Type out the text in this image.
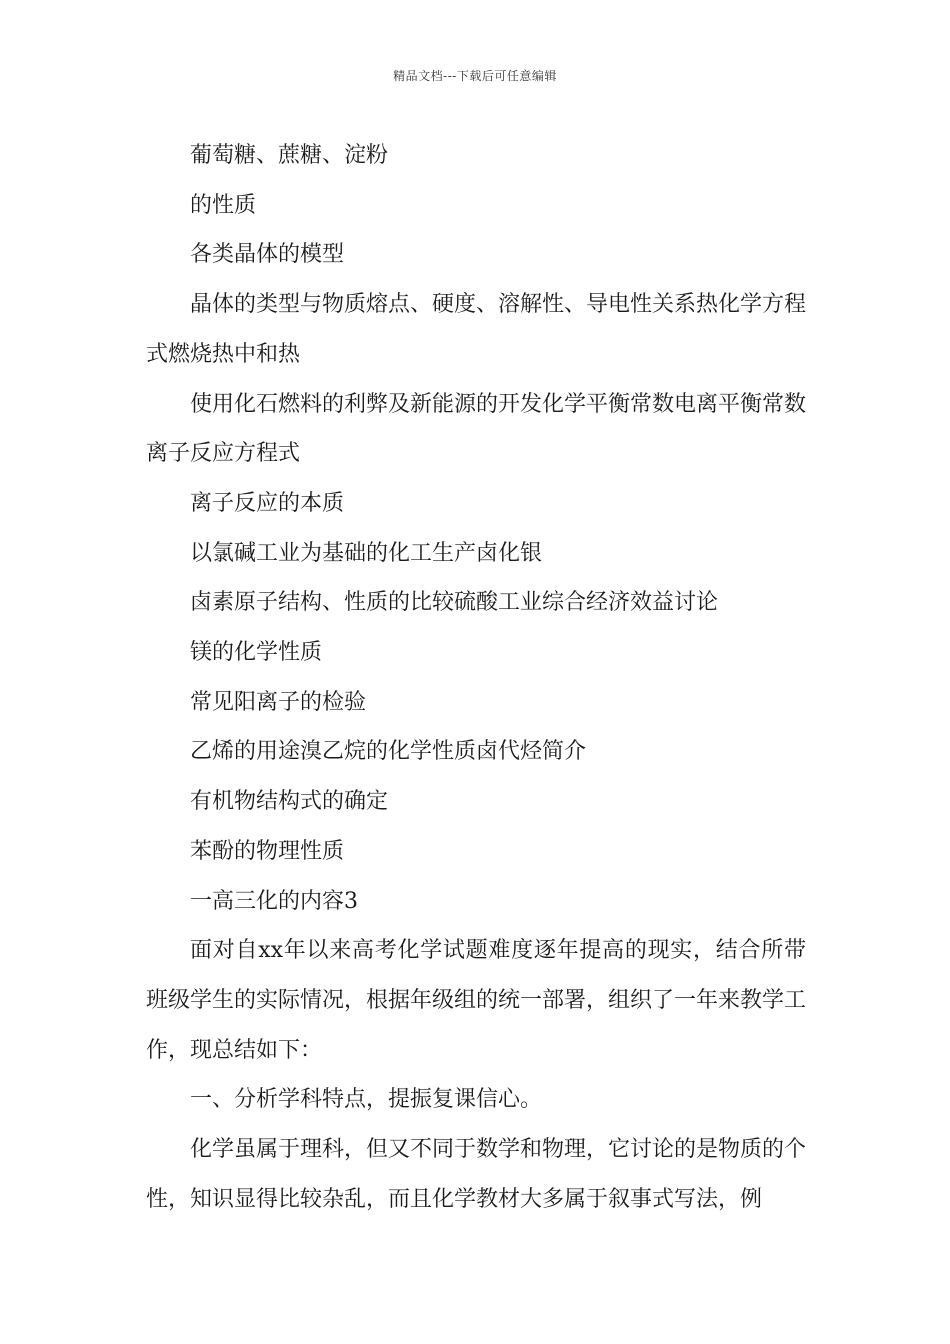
精品文档---下载后可任意编辑

葡萄糖、蔗糖、淀粉

的性质

各类晶体的模型

晶体的类型与物质熔点、硬度、溶解性、导电性关系热化学方程式燃烧热中和热

使用化石燃料的利弊及新能源的开发化学平衡常数电离平衡常数离子反应方程式

离子反应的本质

以氯碱工业为基础的化工生产卤化银

卤素原子结构、性质的比较硫酸工业综合经济效益讨论

镁的化学性质

常见阳离子的检验

乙烯的用途溴乙烷的化学性质卤代烃简介

有机物结构式的确定

苯酚的物理性质

一高三化的内容3

面对自xx年以来高考化学试题难度逐年提高的现实，结合所带班级学生的实际情况，根据年级组的统一部署，组织了一年来教学工作，现总结如下：

一、分析学科特点，提振复课信心。

化学虽属于理科，但又不同于数学和物理，它讨论的是物质的个性，知识显得比较杂乱，而且化学教材大多属于叙事式写法，例
